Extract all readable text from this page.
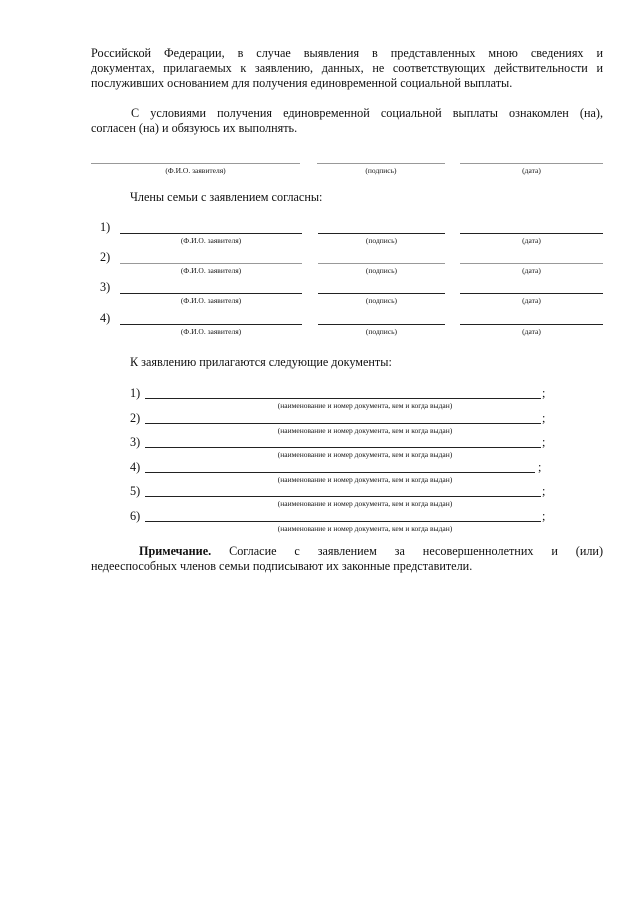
Российской Федерации, в случае выявления в представленных мною сведениях и
документах, прилагаемых к заявлению, данных, не соответствующих действительности и
послуживших основанием для получения единовременной социальной выплаты.
С условиями получения единовременной социальной выплаты ознакомлен (на),
согласен (на) и обязуюсь их выполнять.
(Ф.И.О. заявителя)	(подпись)	(дата)
Члены семьи с заявлением согласны:
1)
(Ф.И.О. заявителя)	(подпись)	(дата)
2)
(Ф.И.О. заявителя)	(подпись)	(дата)
3)
(Ф.И.О. заявителя)	(подпись)	(дата)
4)
(Ф.И.О. заявителя)	(подпись)	(дата)
К заявлению прилагаются следующие документы:
1)	;
(наименование и номер документа, кем и когда выдан)
2)	;
(наименование и номер документа, кем и когда выдан)
3)	;
(наименование и номер документа, кем и когда выдан)
4)	;
(наименование и номер документа, кем и когда выдан)
5)	;
(наименование и номер документа, кем и когда выдан)
6)	;
(наименование и номер документа, кем и когда выдан)
Примечание. Согласие с заявлением за несовершеннолетних и (или)
недееспособных членов семьи подписывают их законные представители.
